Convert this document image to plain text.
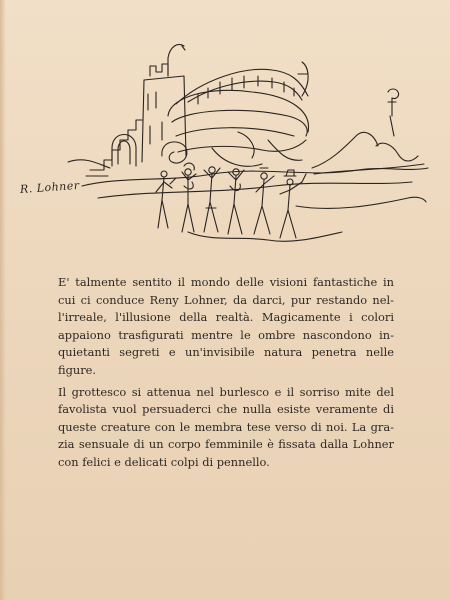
R. Lohner
E' talmente sentito il mondo delle visioni fantastiche in
cui ci conduce Reny Lohner, da darci, pur restando nel-
l'irreale, l'illusione della realtà. Magicamente i colori
appaiono trasfigurati mentre le ombre nascondono in-
quietanti segreti e un'invisibile natura penetra nelle
figure.
Il grottesco si attenua nel burlesco e il sorriso mite del
favolista vuol persuaderci che nulla esiste veramente di
queste creature con le membra tese verso di noi. La gra-
zia sensuale di un corpo femminile è fissata dalla Lohner
con felici e delicati colpi di pennello.
